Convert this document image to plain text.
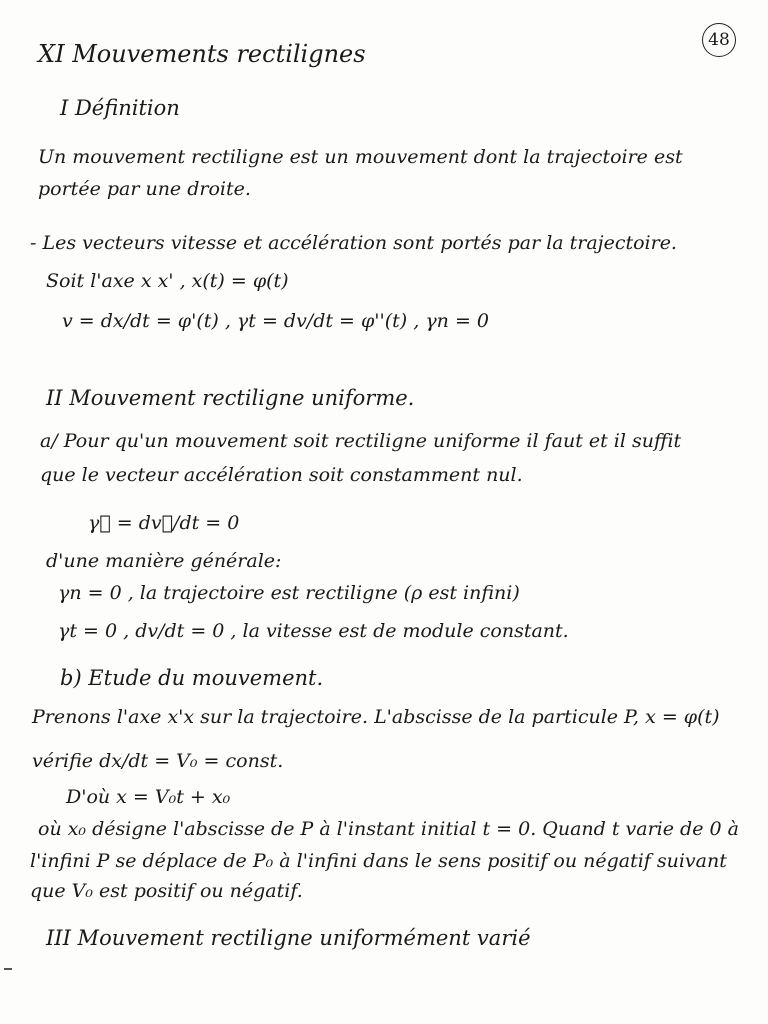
48
XI Mouvements rectilignes
I Définition
Un mouvement rectiligne est un mouvement dont la trajectoire est
portée par une droite.
- Les vecteurs vitesse et accélération sont portés par la trajectoire.
Soit l'axe x x' , x(t) = φ(t)
v = dx/dt = φ'(t) , γt = dv/dt = φ''(t) , γn = 0
II Mouvement rectiligne uniforme.
a/ Pour qu'un mouvement soit rectiligne uniforme il faut et il suffit
que le vecteur accélération soit constamment nul.
γ⃗ = dv⃗/dt = 0
d'une manière générale:
γn = 0 , la trajectoire est rectiligne (ρ est infini)
γt = 0 , dv/dt = 0 , la vitesse est de module constant.
b) Etude du mouvement.
Prenons l'axe x'x sur la trajectoire. L'abscisse de la particule P, x = φ(t)
vérifie dx/dt = V₀ = const.
D'où x = V₀t + x₀
où x₀ désigne l'abscisse de P à l'instant initial t = 0. Quand t varie de 0 à
l'infini P se déplace de P₀ à l'infini dans le sens positif ou négatif suivant
que V₀ est positif ou négatif.
III Mouvement rectiligne uniformément varié
